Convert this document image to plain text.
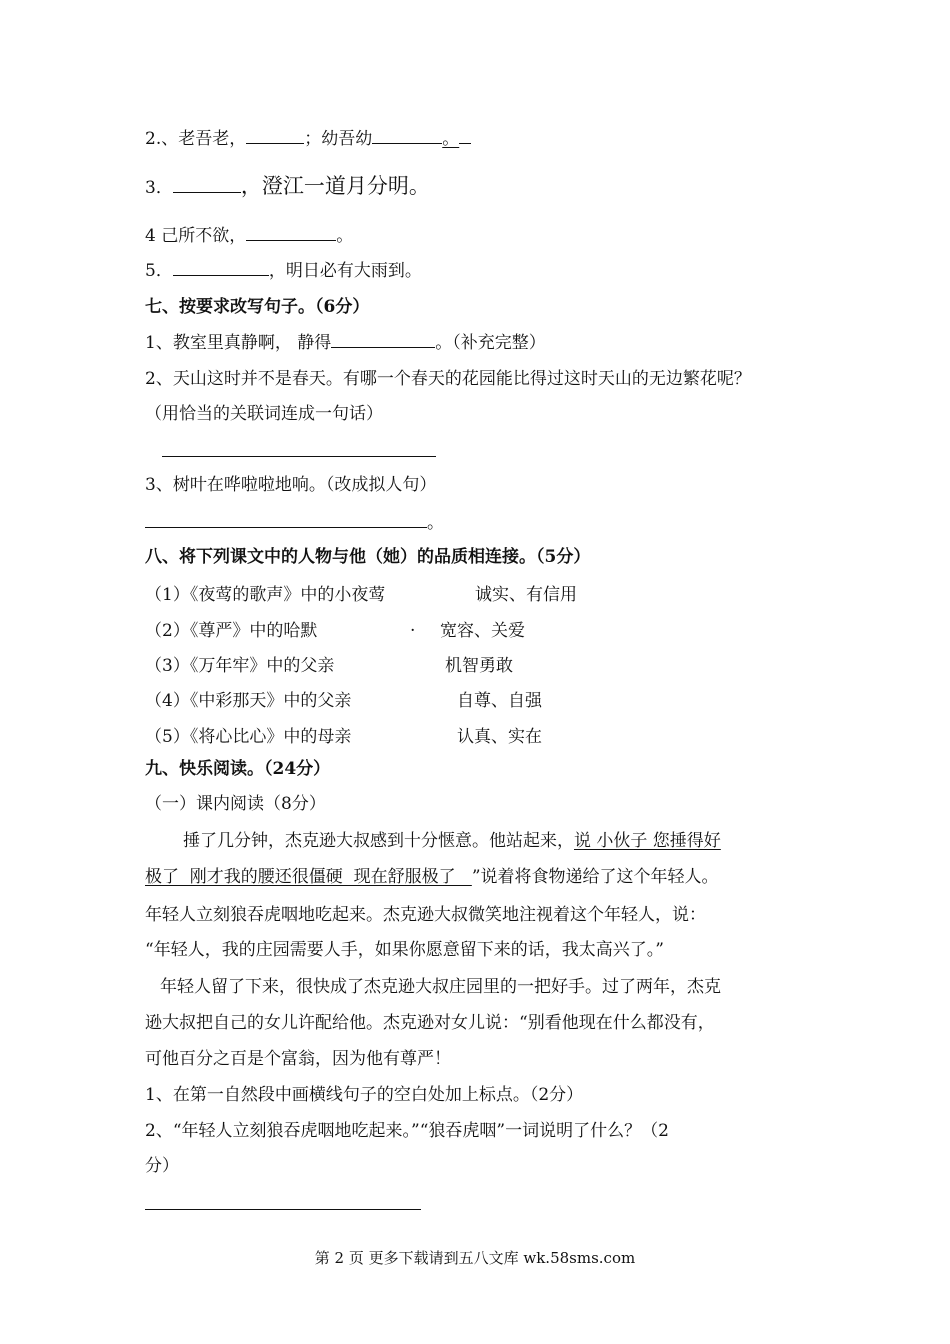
2.、老吾老，	；幼吾幼	。
3．	，澄江一道月分明。
4 己所不欲，	。
5．	，明日必有大雨到。
七、按要求改写句子。（6分）
1、教室里真静啊， 静得	。（补充完整）
2、天山这时并不是春天。有哪一个春天的花园能比得过这时天山的无边繁花呢？
（用恰当的关联词连成一句话）
3、树叶在哗啦啦地响。（改成拟人句）
。
八、将下列课文中的人物与他（她）的品质相连接。（5分）
（1）《夜莺的歌声》中的小夜莺	诚实、有信用
（2）《尊严》中的哈默	. 宽容、关爱
（3）《万年牢》中的父亲	机智勇敢
（4）《中彩那天》中的父亲	自尊、自强
（5）《将心比心》中的母亲	认真、实在
九、快乐阅读。（24分）
（一）课内阅读（8分）
捶了几分钟，杰克逊大叔感到十分惬意。他站起来，说 小伙子 您捶得好
极了  刚才我的腰还很僵硬  现在舒服极了   ”说着将食物递给了这个年轻人。
年轻人立刻狼吞虎咽地吃起来。杰克逊大叔微笑地注视着这个年轻人，说：
“年轻人，我的庄园需要人手，如果你愿意留下来的话，我太高兴了。”
年轻人留了下来，很快成了杰克逊大叔庄园里的一把好手。过了两年，杰克
逊大叔把自己的女儿许配给他。杰克逊对女儿说：“别看他现在什么都没有，
可他百分之百是个富翁，因为他有尊严！
1、在第一自然段中画横线句子的空白处加上标点。（2分）
2、“年轻人立刻狼吞虎咽地吃起来。”“狼吞虎咽”一词说明了什么？（2
分）
第 2 页 更多下载请到五八文库 wk.58sms.com
